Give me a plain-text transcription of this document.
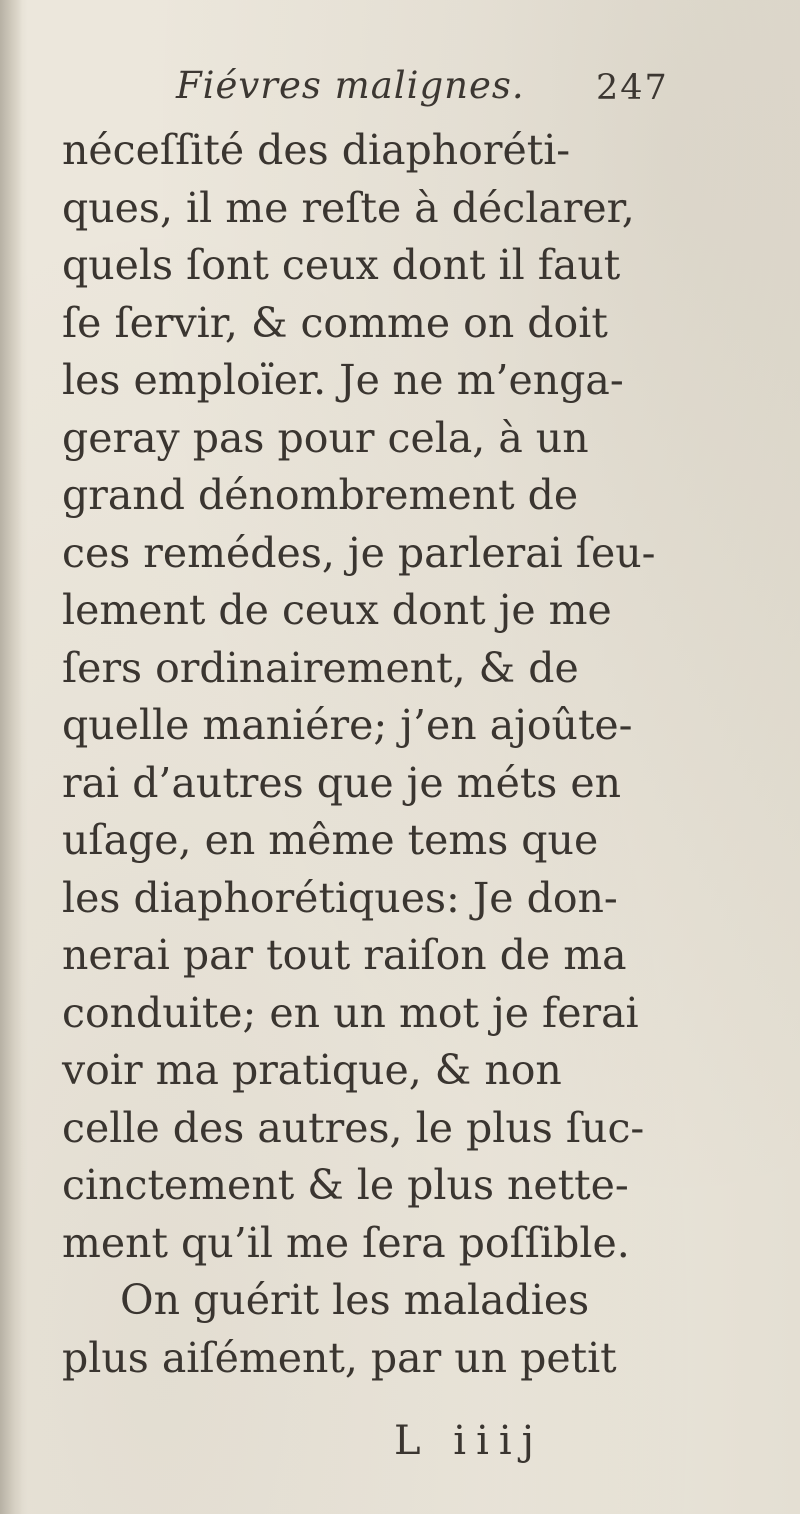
Fiévres malignes. 247
néceſſité des diaphoréti-
ques, il me reſte à déclarer,
quels ſont ceux dont il faut
ſe ſervir, & comme on doit
les emploïer. Je ne m’enga-
geray pas pour cela, à un
grand dénombrement de
ces remédes, je parlerai ſeu-
lement de ceux dont je me
ſers ordinairement, & de
quelle maniére; j’en ajoûte-
rai d’autres que je méts en
uſage, en même tems que
les diaphorétiques: Je don-
nerai par tout raiſon de ma
conduite; en un mot je ferai
voir ma pratique, & non
celle des autres, le plus ſuc-
cinctement & le plus nette-
ment qu’il me ſera poſſible.
On guérit les maladies
plus aiſément, par un petit
L iiij
